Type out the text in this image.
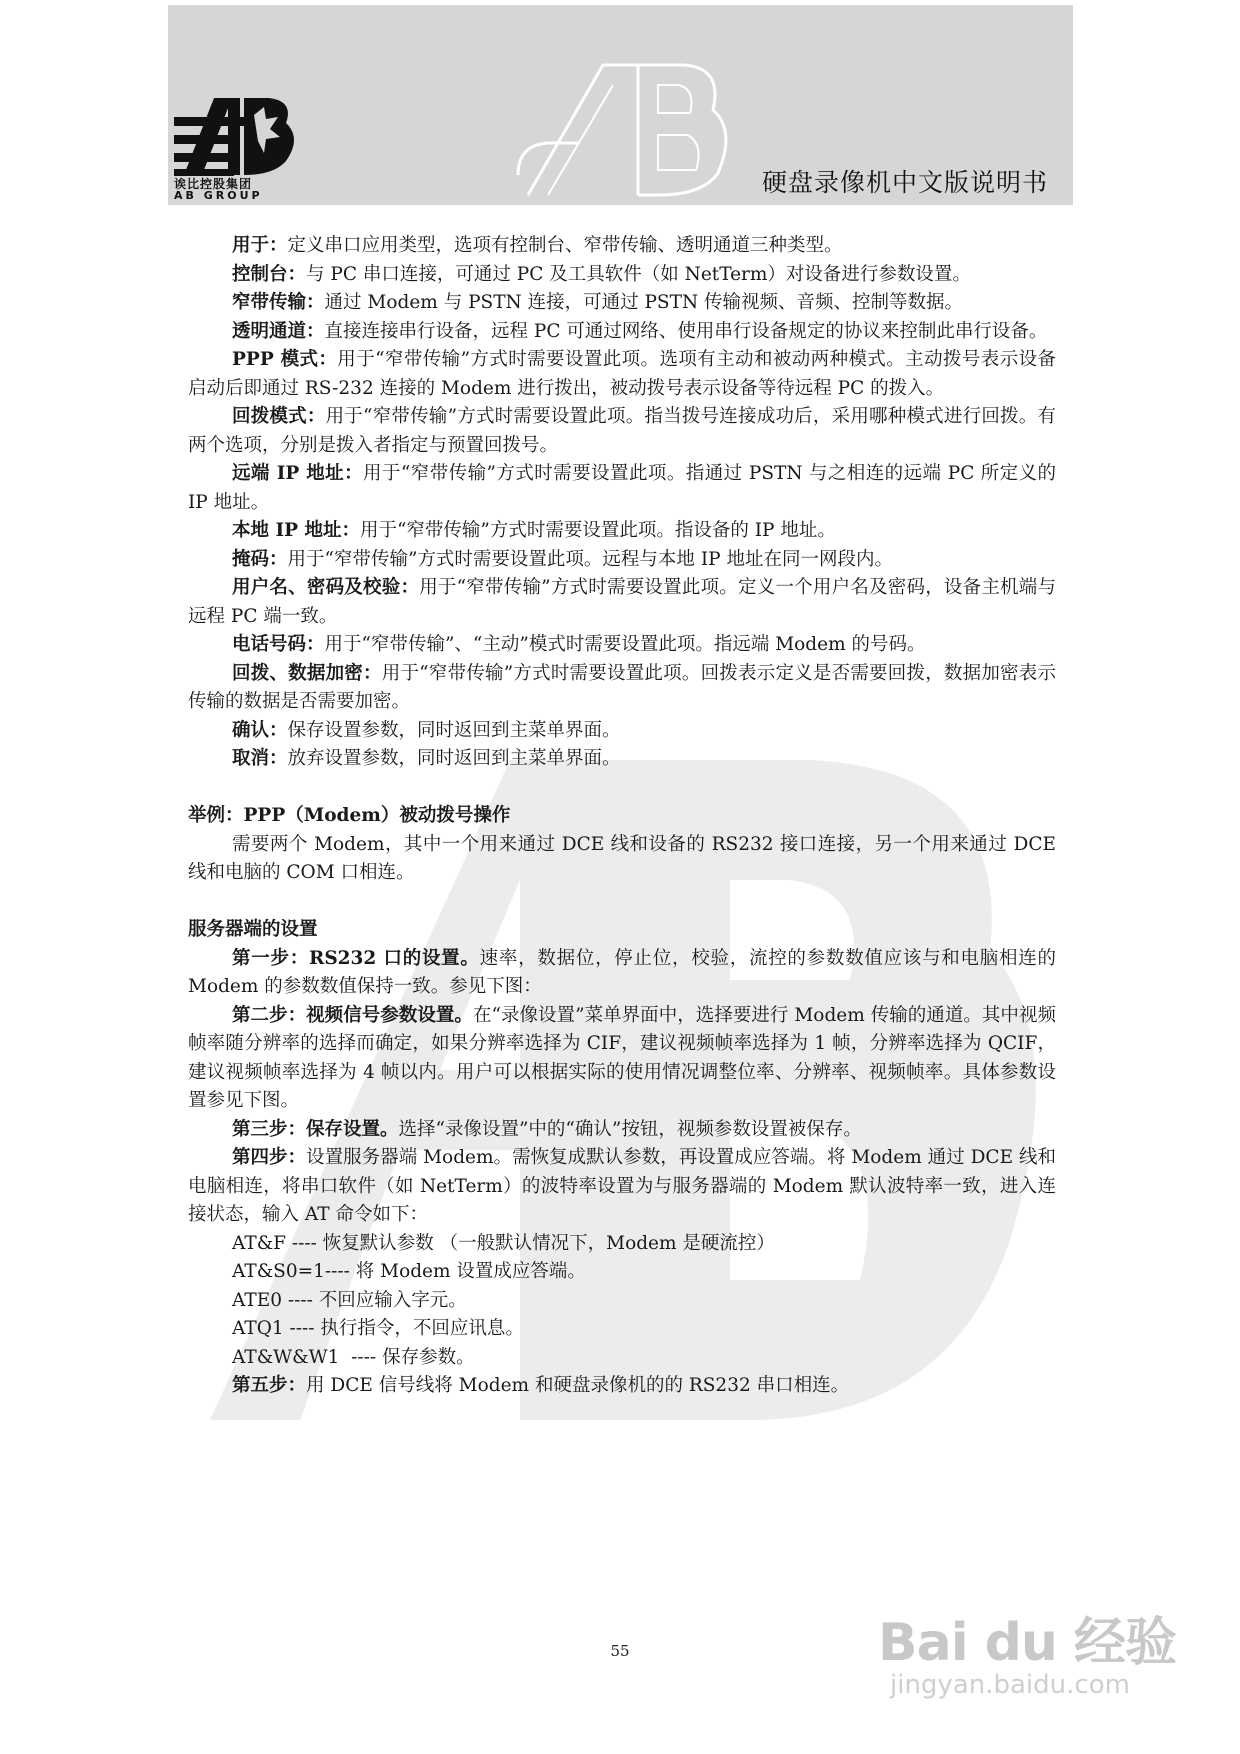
诶比控股集团
AB GROUP	硬盘录像机中文版说明书

用于：定义串口应用类型，选项有控制台、窄带传输、透明通道三种类型。

控制台：与 PC 串口连接，可通过 PC 及工具软件（如 NetTerm）对设备进行参数设置。

窄带传输：通过 Modem 与 PSTN 连接，可通过 PSTN 传输视频、音频、控制等数据。

透明通道：直接连接串行设备，远程 PC 可通过网络、使用串行设备规定的协议来控制此串行设备。

PPP 模式：用于“窄带传输”方式时需要设置此项。选项有主动和被动两种模式。主动拨号表示设备启动后即通过 RS-232 连接的 Modem 进行拨出，被动拨号表示设备等待远程 PC 的拨入。

回拨模式：用于“窄带传输”方式时需要设置此项。指当拨号连接成功后，采用哪种模式进行回拨。有两个选项，分别是拨入者指定与预置回拨号。

远端 IP 地址：用于“窄带传输”方式时需要设置此项。指通过 PSTN 与之相连的远端 PC 所定义的 IP 地址。

本地 IP 地址：用于“窄带传输”方式时需要设置此项。指设备的 IP 地址。

掩码：用于“窄带传输”方式时需要设置此项。远程与本地 IP 地址在同一网段内。

用户名、密码及校验：用于“窄带传输”方式时需要设置此项。定义一个用户名及密码，设备主机端与远程 PC 端一致。

电话号码：用于“窄带传输”、“主动”模式时需要设置此项。指远端 Modem 的号码。

回拨、数据加密：用于“窄带传输”方式时需要设置此项。回拨表示定义是否需要回拨，数据加密表示传输的数据是否需要加密。

确认：保存设置参数，同时返回到主菜单界面。

取消：放弃设置参数，同时返回到主菜单界面。

举例：PPP（Modem）被动拨号操作

需要两个 Modem，其中一个用来通过 DCE 线和设备的 RS232 接口连接，另一个用来通过 DCE 线和电脑的 COM 口相连。

服务器端的设置

第一步：RS232 口的设置。速率，数据位，停止位，校验，流控的参数数值应该与和电脑相连的 Modem 的参数数值保持一致。参见下图：

第二步：视频信号参数设置。在“录像设置”菜单界面中，选择要进行 Modem 传输的通道。其中视频帧率随分辨率的选择而确定，如果分辨率选择为 CIF，建议视频帧率选择为 1 帧，分辨率选择为 QCIF，建议视频帧率选择为 4 帧以内。用户可以根据实际的使用情况调整位率、分辨率、视频帧率。具体参数设置参见下图。

第三步：保存设置。选择“录像设置”中的“确认”按钮，视频参数设置被保存。

第四步：设置服务器端 Modem。需恢复成默认参数，再设置成应答端。将 Modem 通过 DCE 线和电脑相连，将串口软件（如 NetTerm）的波特率设置为与服务器端的 Modem 默认波特率一致，进入连接状态，输入 AT 命令如下：

AT&F ---- 恢复默认参数 （一般默认情况下，Modem 是硬流控）

AT&S0=1---- 将 Modem 设置成应答端。

ATE0 ---- 不回应输入字元。

ATQ1 ---- 执行指令，不回应讯息。

AT&W&W1  ---- 保存参数。

第五步：用 DCE 信号线将 Modem 和硬盘录像机的的 RS232 串口相连。

55	Bai du 经验
jingyan.baidu.com
